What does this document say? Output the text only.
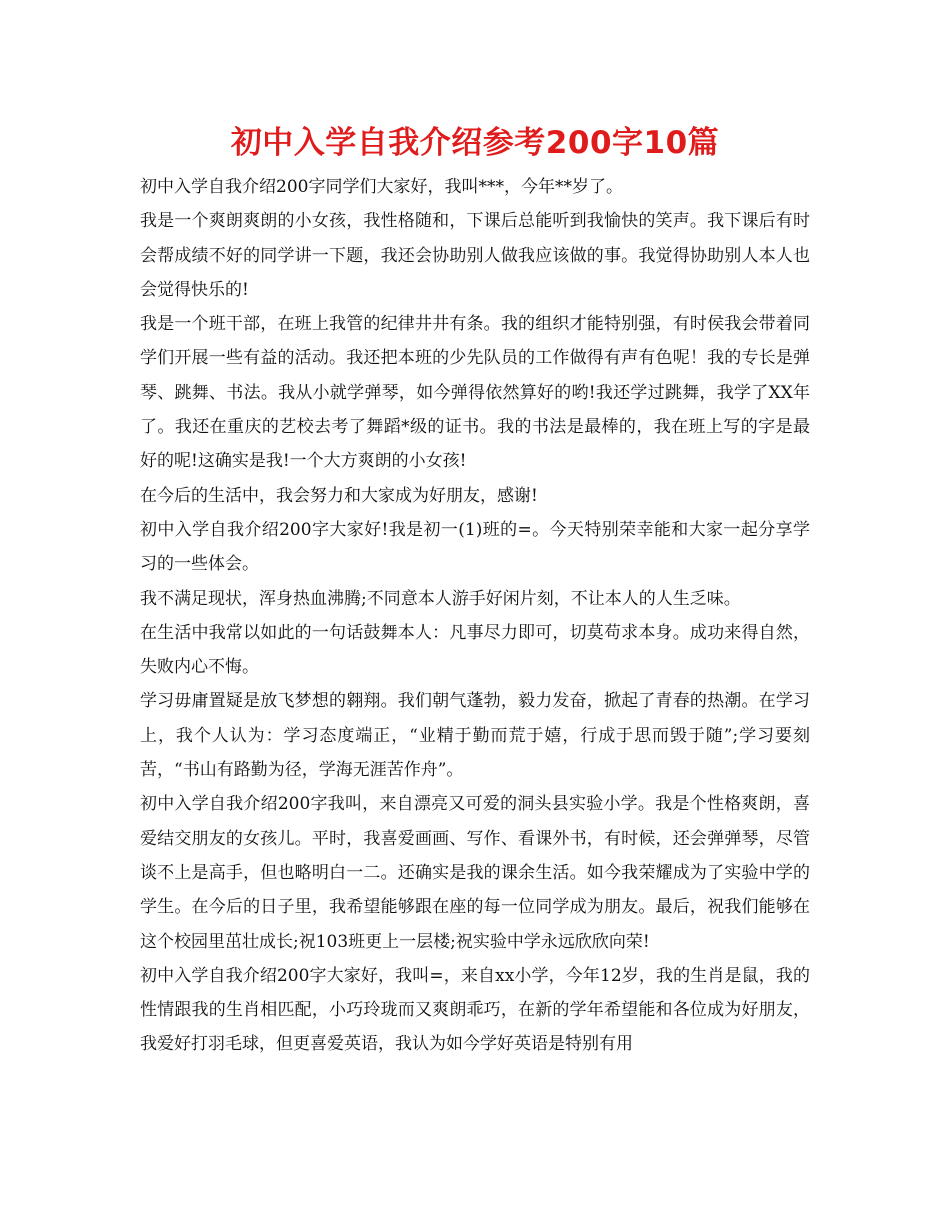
初中入学自我介绍参考200字10篇

初中入学自我介绍200字同学们大家好，我叫***，今年**岁了。

我是一个爽朗爽朗的小女孩，我性格随和，下课后总能听到我愉快的笑声。我下课后有时会帮成绩不好的同学讲一下题，我还会协助别人做我应该做的事。我觉得协助别人本人也会觉得快乐的!

我是一个班干部，在班上我管的纪律井井有条。我的组织才能特别强，有时侯我会带着同学们开展一些有益的活动。我还把本班的少先队员的工作做得有声有色呢！我的专长是弹琴、跳舞、书法。我从小就学弹琴，如今弹得依然算好的哟!我还学过跳舞，我学了XX年了。我还在重庆的艺校去考了舞蹈*级的证书。我的书法是最棒的，我在班上写的字是最好的呢!这确实是我!一个大方爽朗的小女孩!

在今后的生活中，我会努力和大家成为好朋友，感谢!

初中入学自我介绍200字大家好!我是初一(1)班的=。今天特别荣幸能和大家一起分享学习的一些体会。

我不满足现状，浑身热血沸腾;不同意本人游手好闲片刻，不让本人的人生乏味。

在生活中我常以如此的一句话鼓舞本人：凡事尽力即可，切莫苟求本身。成功来得自然，失败内心不悔。

学习毋庸置疑是放飞梦想的翱翔。我们朝气蓬勃，毅力发奋，掀起了青春的热潮。在学习上，我个人认为：学习态度端正，“业精于勤而荒于嬉，行成于思而毁于随”;学习要刻苦，“书山有路勤为径，学海无涯苦作舟”。

初中入学自我介绍200字我叫，来自漂亮又可爱的洞头县实验小学。我是个性格爽朗，喜爱结交朋友的女孩儿。平时，我喜爱画画、写作、看课外书，有时候，还会弹弹琴，尽管谈不上是高手，但也略明白一二。还确实是我的课余生活。如今我荣耀成为了实验中学的学生。在今后的日子里，我希望能够跟在座的每一位同学成为朋友。最后，祝我们能够在这个校园里茁壮成长;祝103班更上一层楼;祝实验中学永远欣欣向荣!

初中入学自我介绍200字大家好，我叫=，来自xx小学，今年12岁，我的生肖是鼠，我的性情跟我的生肖相匹配，小巧玲珑而又爽朗乖巧，在新的学年希望能和各位成为好朋友，我爱好打羽毛球，但更喜爱英语，我认为如今学好英语是特别有用
